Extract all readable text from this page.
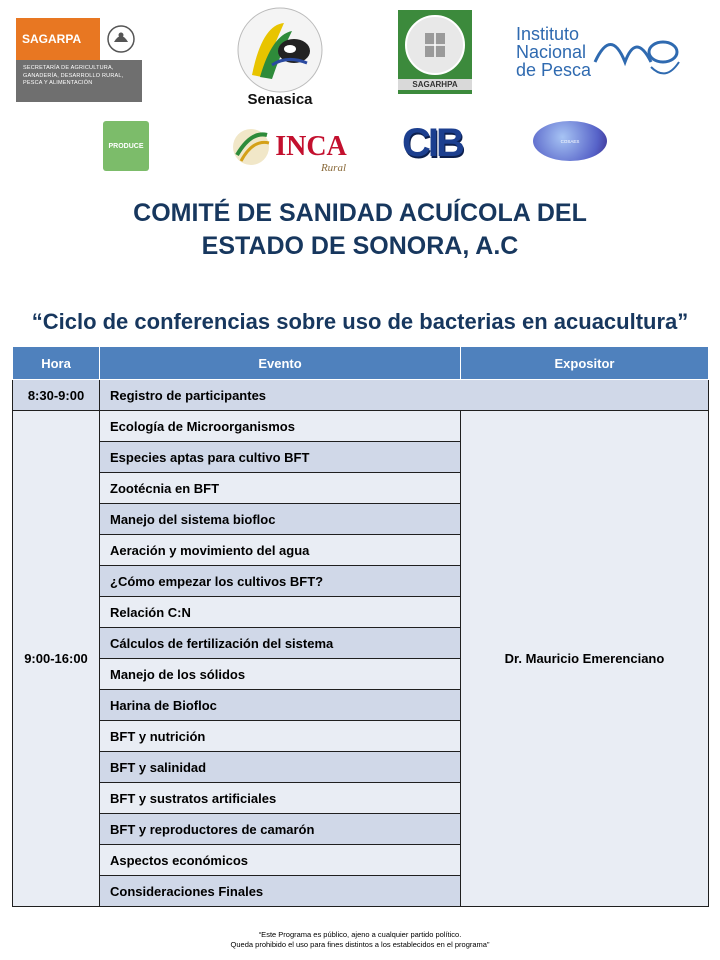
SAGARPA
SECRETARÍA DE AGRICULTURA, GANADERÍA, DESARROLLO RURAL, PESCA Y ALIMENTACIÓN
Senasica
SAGARHPA
Instituto
Nacional
de Pesca
PRODUCE	INCA
Rural
CIB	COSAES
COMITÉ DE SANIDAD ACUÍCOLA DEL
ESTADO DE SONORA, A.C
“Ciclo de conferencias sobre uso de bacterias en acuacultura”
Hora	Evento	Expositor
8:30-9:00	Registro de participantes	
9:00-16:00	Ecología de Microorganismos	Dr. Mauricio Emerenciano
	Especies aptas para cultivo BFT	
	Zootécnia en BFT	
	Manejo del sistema biofloc	
	Aeración y movimiento del agua	
	¿Cómo empezar los cultivos BFT?	
	Relación C:N	
	Cálculos de fertilización del sistema	
	Manejo de los sólidos	
	Harina de Biofloc	
	BFT y nutrición	
	BFT y salinidad	
	BFT y sustratos artificiales	
	BFT y reproductores de camarón	
	Aspectos económicos	
	Consideraciones Finales	
“Este Programa es público, ajeno a cualquier partido político.
Queda prohibido el uso para fines distintos a los establecidos en el programa”
